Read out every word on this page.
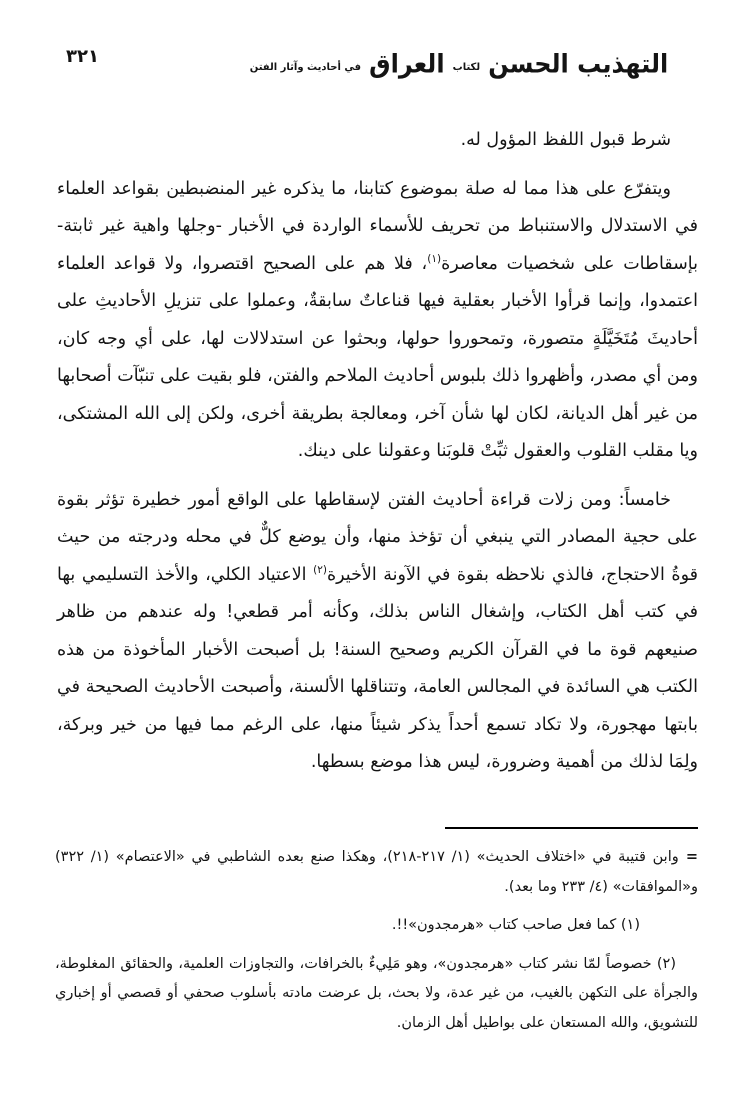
٣٢١	التهذيب الحسن لكتاب العراق في أحاديث وآثار الفتن

شرط قبول اللفظ المؤول له.

ويتفرّع على هذا مما له صلة بموضوع كتابنا، ما يذكره غير المنضبطين بقواعد العلماء في الاستدلال والاستنباط من تحريف للأسماء الواردة في الأخبار -وجلها واهية غير ثابتة- بإسقاطات على شخصيات معاصرة$^{(١)}$، فلا هم على الصحيح اقتصروا، ولا قواعد العلماء اعتمدوا، وإنما قرأوا الأخبار بعقلية فيها قناعاتٌ سابقةٌ، وعملوا على تنزيلِ الأحاديثِ على أحاديثَ مُتَخَيَّلَةٍ متصورة، وتمحوروا حولها، وبحثوا عن استدلالات لها، على أي وجه كان، ومن أي مصدر، وأظهروا ذلك بلبوس أحاديث الملاحم والفتن، فلو بقيت على تنبّآت أصحابها من غير أهل الديانة، لكان لها شأن آخر، ومعالجة بطريقة أخرى، ولكن إلى الله المشتكى، ويا مقلب القلوب والعقول ثبِّتْ قلوبَنا وعقولنا على دينك.

خامساً: ومن زلات قراءة أحاديث الفتن لإسقاطها على الواقع أمور خطيرة تؤثر بقوة على حجية المصادر التي ينبغي أن تؤخذ منها، وأن يوضع كلٌّ في محله ودرجته من حيث قوةُ الاحتجاج، فالذي نلاحظه بقوة في الآونة الأخيرة$^{(٢)}$ الاعتياد الكلي، والأخذ التسليمي بها في كتب أهل الكتاب، وإشغال الناس بذلك، وكأنه أمر قطعي! وله عندهم من ظاهر صنيعهم قوة ما في القرآن الكريم وصحيح السنة! بل أصبحت الأخبار المأخوذة من هذه الكتب هي السائدة في المجالس العامة، وتتناقلها الألسنة، وأصبحت الأحاديث الصحيحة في بابتها مهجورة، ولا تكاد تسمع أحداً يذكر شيئاً منها، على الرغم مما فيها من خير وبركة، ولِمَا لذلك من أهمية وضرورة، ليس هذا موضع بسطها.

= وابن قتيبة في «اختلاف الحديث» (١/ ٢١٧-٢١٨)، وهكذا صنع بعده الشاطبي في «الاعتصام» (١/ ٣٢٢) و«الموافقات» (٤/ ٢٣٣ وما بعد).

(١) كما فعل صاحب كتاب «هرمجدون»!!.

(٢) خصوصاً لمّا نشر كتاب «هرمجدون»، وهو مَلِيءٌ بالخرافات، والتجاوزات العلمية، والحقائق المغلوطة، والجرأة على التكهن بالغيب، من غير عدة، ولا بحث، بل عرضت مادته بأسلوب صحفي أو قصصي أو إخباري للتشويق، والله المستعان على بواطيل أهل الزمان.
